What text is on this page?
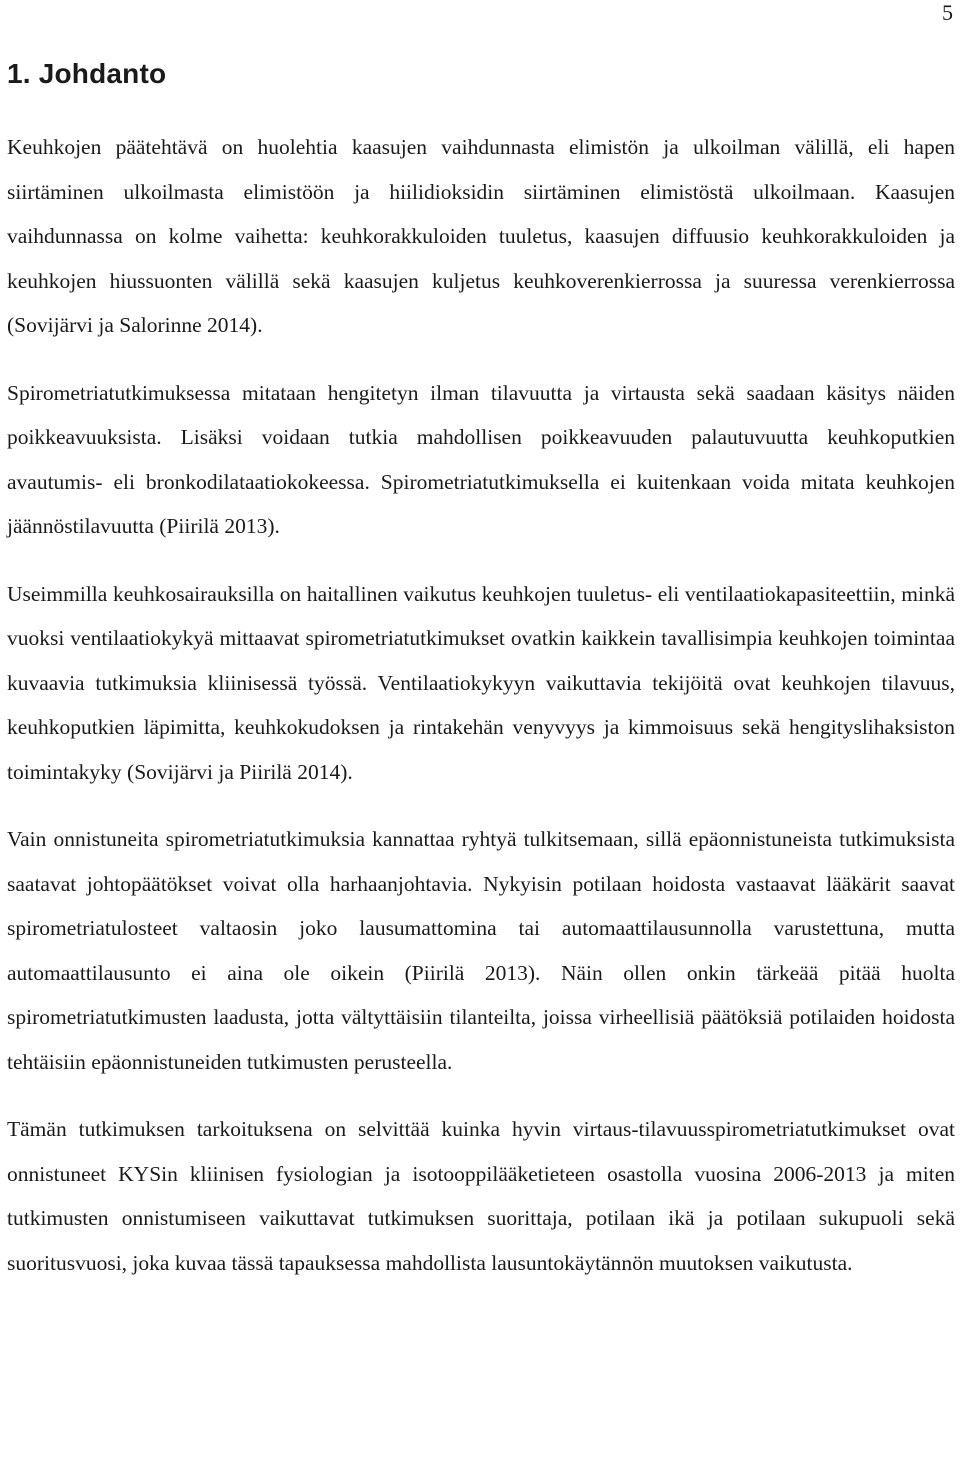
5
1. Johdanto

Keuhkojen päätehtävä on huolehtia kaasujen vaihdunnasta elimistön ja ulkoilman välillä, eli hapen siirtäminen ulkoilmasta elimistöön ja hiilidioksidin siirtäminen elimistöstä ulkoilmaan. Kaasujen vaihdunnassa on kolme vaihetta: keuhkorakkuloiden tuuletus, kaasujen diffuusio keuhkorakkuloiden ja keuhkojen hiussuonten välillä sekä kaasujen kuljetus keuhkoverenkierrossa ja suuressa verenkierrossa (Sovijärvi ja Salorinne 2014).

Spirometriatutkimuksessa mitataan hengitetyn ilman tilavuutta ja virtausta sekä saadaan käsitys näiden poikkeavuuksista. Lisäksi voidaan tutkia mahdollisen poikkeavuuden palautuvuutta keuhkoputkien avautumis- eli bronkodilataatiokokeessa. Spirometriatutkimuksella ei kuitenkaan voida mitata keuhkojen jäännöstilavuutta (Piirilä 2013).

Useimmilla keuhkosairauksilla on haitallinen vaikutus keuhkojen tuuletus- eli ventilaatiokapasiteettiin, minkä vuoksi ventilaatiokykyä mittaavat spirometriatutkimukset ovatkin kaikkein tavallisimpia keuhkojen toimintaa kuvaavia tutkimuksia kliinisessä työssä. Ventilaatiokykyyn vaikuttavia tekijöitä ovat keuhkojen tilavuus, keuhkoputkien läpimitta, keuhkokudoksen ja rintakehän venyvyys ja kimmoisuus sekä hengityslihaksiston toimintakyky (Sovijärvi ja Piirilä 2014).

Vain onnistuneita spirometriatutkimuksia kannattaa ryhtyä tulkitsemaan, sillä epäonnistuneista tutkimuksista saatavat johtopäätökset voivat olla harhaanjohtavia. Nykyisin potilaan hoidosta vastaavat lääkärit saavat spirometriatulosteet valtaosin joko lausumattomina tai automaattilausunnolla varustettuna, mutta automaattilausunto ei aina ole oikein (Piirilä 2013). Näin ollen onkin tärkeää pitää huolta spirometriatutkimusten laadusta, jotta vältyttäisiin tilanteilta, joissa virheellisiä päätöksiä potilaiden hoidosta tehtäisiin epäonnistuneiden tutkimusten perusteella.

Tämän tutkimuksen tarkoituksena on selvittää kuinka hyvin virtaus-tilavuusspirometriatutkimukset ovat onnistuneet KYSin kliinisen fysiologian ja isotooppilääketieteen osastolla vuosina 2006-2013 ja miten tutkimusten onnistumiseen vaikuttavat tutkimuksen suorittaja, potilaan ikä ja potilaan sukupuoli sekä suoritusvuosi, joka kuvaa tässä tapauksessa mahdollista lausuntokäytännön muutoksen vaikutusta.
